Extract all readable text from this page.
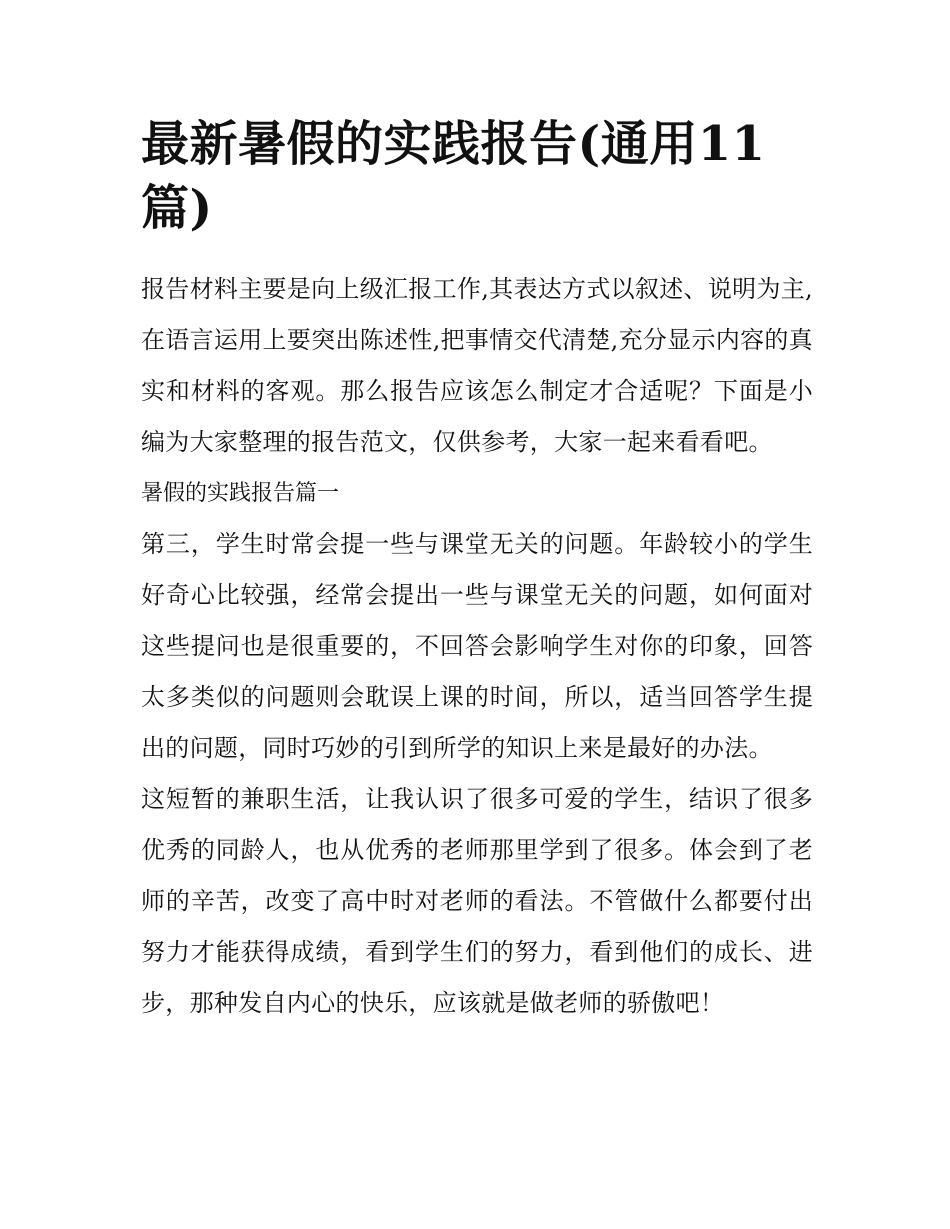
最新暑假的实践报告(通用11篇)

报告材料主要是向上级汇报工作,其表达方式以叙述、说明为主,在语言运用上要突出陈述性,把事情交代清楚,充分显示内容的真实和材料的客观。那么报告应该怎么制定才合适呢？下面是小编为大家整理的报告范文，仅供参考，大家一起来看看吧。

暑假的实践报告篇一

第三，学生时常会提一些与课堂无关的问题。年龄较小的学生好奇心比较强，经常会提出一些与课堂无关的问题，如何面对这些提问也是很重要的，不回答会影响学生对你的印象，回答太多类似的问题则会耽误上课的时间，所以，适当回答学生提出的问题，同时巧妙的引到所学的知识上来是最好的办法。

这短暂的兼职生活，让我认识了很多可爱的学生，结识了很多优秀的同龄人，也从优秀的老师那里学到了很多。体会到了老师的辛苦，改变了高中时对老师的看法。不管做什么都要付出努力才能获得成绩，看到学生们的努力，看到他们的成长、进步，那种发自内心的快乐，应该就是做老师的骄傲吧！
